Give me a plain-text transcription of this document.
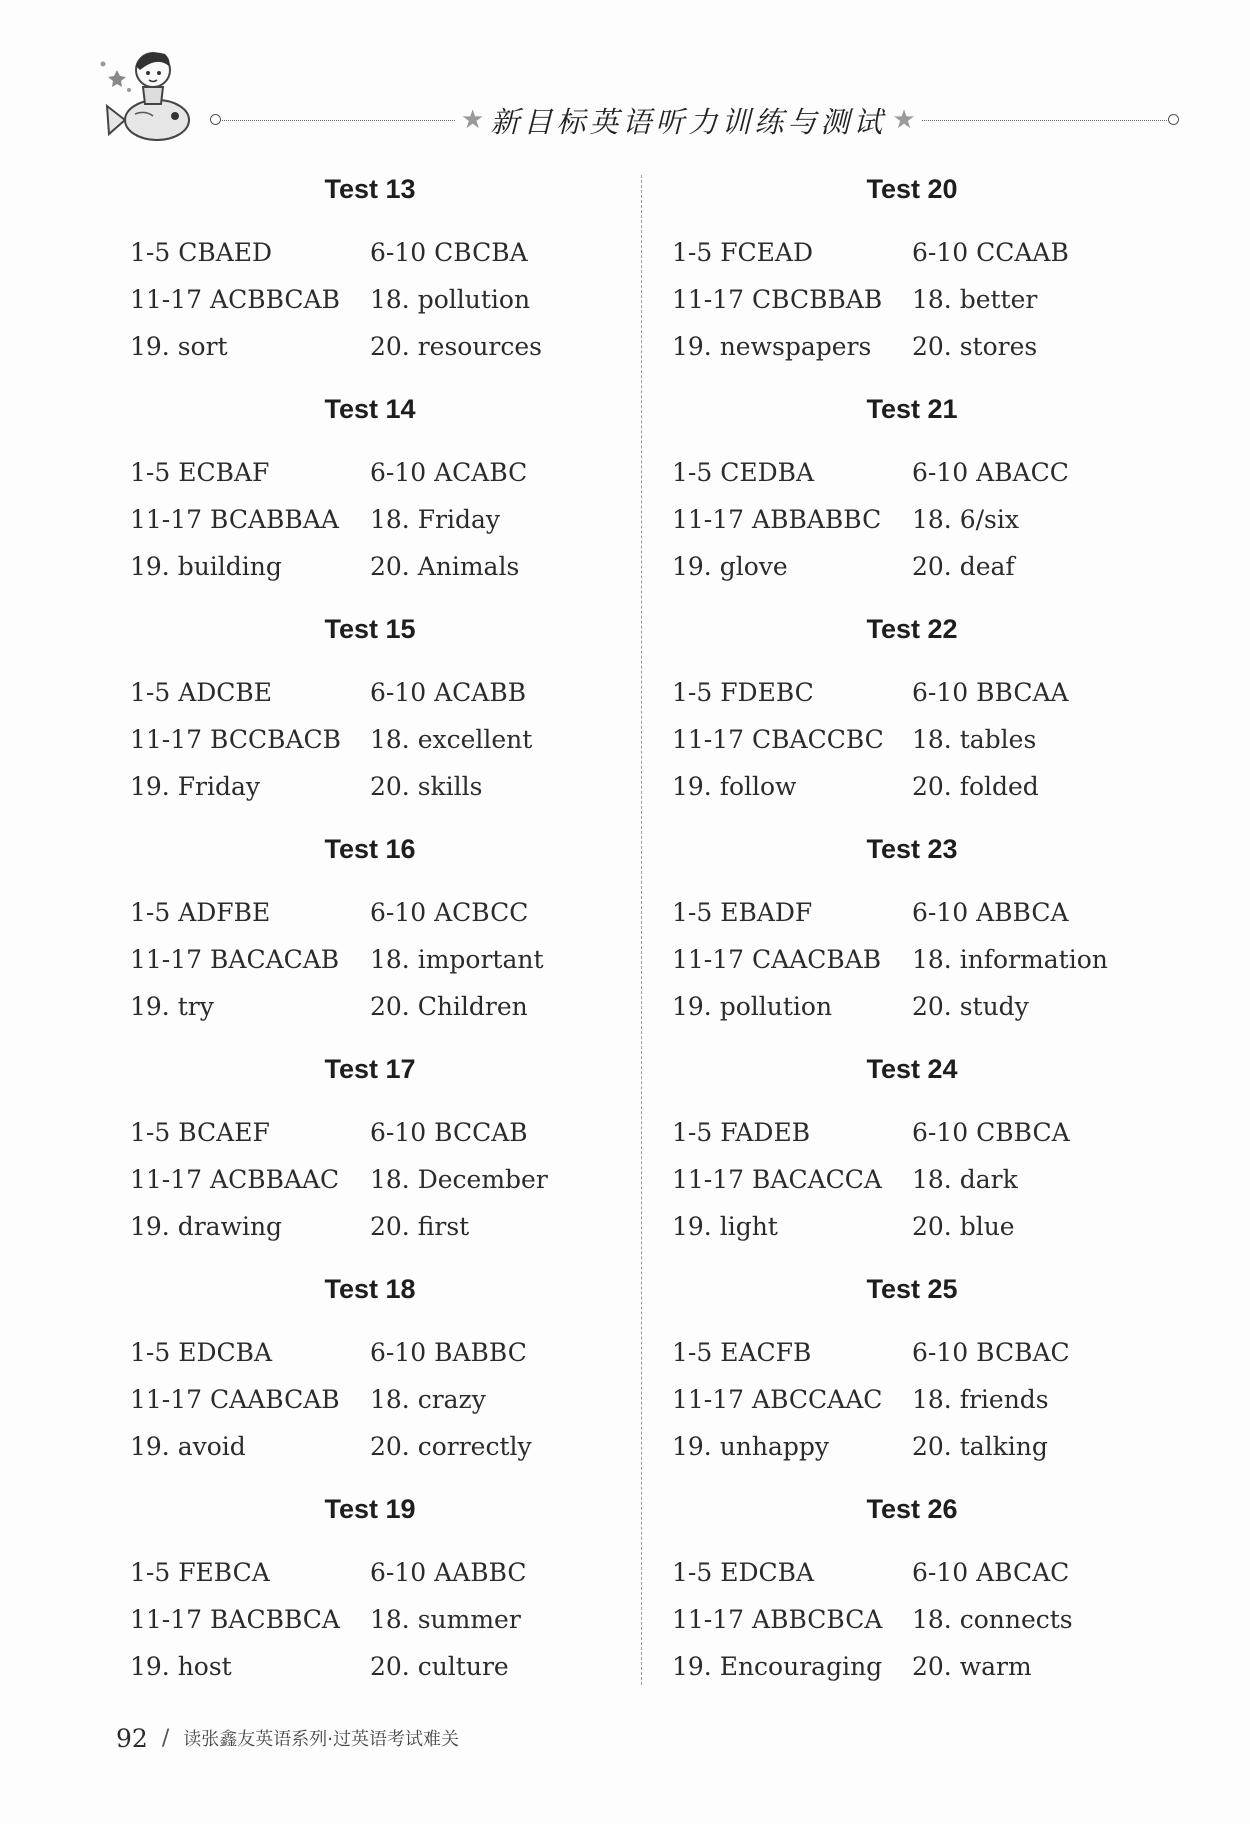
★ 新目标英语听力训练与测试 ★
Test 13
1-5 CBAED	6-10 CBCBA
11-17 ACBBCAB	18. pollution
19. sort	20. resources
Test 14
1-5 ECBAF	6-10 ACABC
11-17 BCABBAA	18. Friday
19. building	20. Animals
Test 15
1-5 ADCBE	6-10 ACABB
11-17 BCCBACB	18. excellent
19. Friday	20. skills
Test 16
1-5 ADFBE	6-10 ACBCC
11-17 BACACAB	18. important
19. try	20. Children
Test 17
1-5 BCAEF	6-10 BCCAB
11-17 ACBBAAC	18. December
19. drawing	20. first
Test 18
1-5 EDCBA	6-10 BABBC
11-17 CAABCAB	18. crazy
19. avoid	20. correctly
Test 19
1-5 FEBCA	6-10 AABBC
11-17 BACBBCA	18. summer
19. host	20. culture
Test 20
1-5 FCEAD	6-10 CCAAB
11-17 CBCBBAB	18. better
19. newspapers	20. stores
Test 21
1-5 CEDBA	6-10 ABACC
11-17 ABBABBC	18. 6/six
19. glove	20. deaf
Test 22
1-5 FDEBC	6-10 BBCAA
11-17 CBACCBC	18. tables
19. follow	20. folded
Test 23
1-5 EBADF	6-10 ABBCA
11-17 CAACBAB	18. information
19. pollution	20. study
Test 24
1-5 FADEB	6-10 CBBCA
11-17 BACACCA	18. dark
19. light	20. blue
Test 25
1-5 EACFB	6-10 BCBAC
11-17 ABCCAAC	18. friends
19. unhappy	20. talking
Test 26
1-5 EDCBA	6-10 ABCAC
11-17 ABBCBCA	18. connects
19. Encouraging	20. warm
92 / 读张鑫友英语系列·过英语考试难关
